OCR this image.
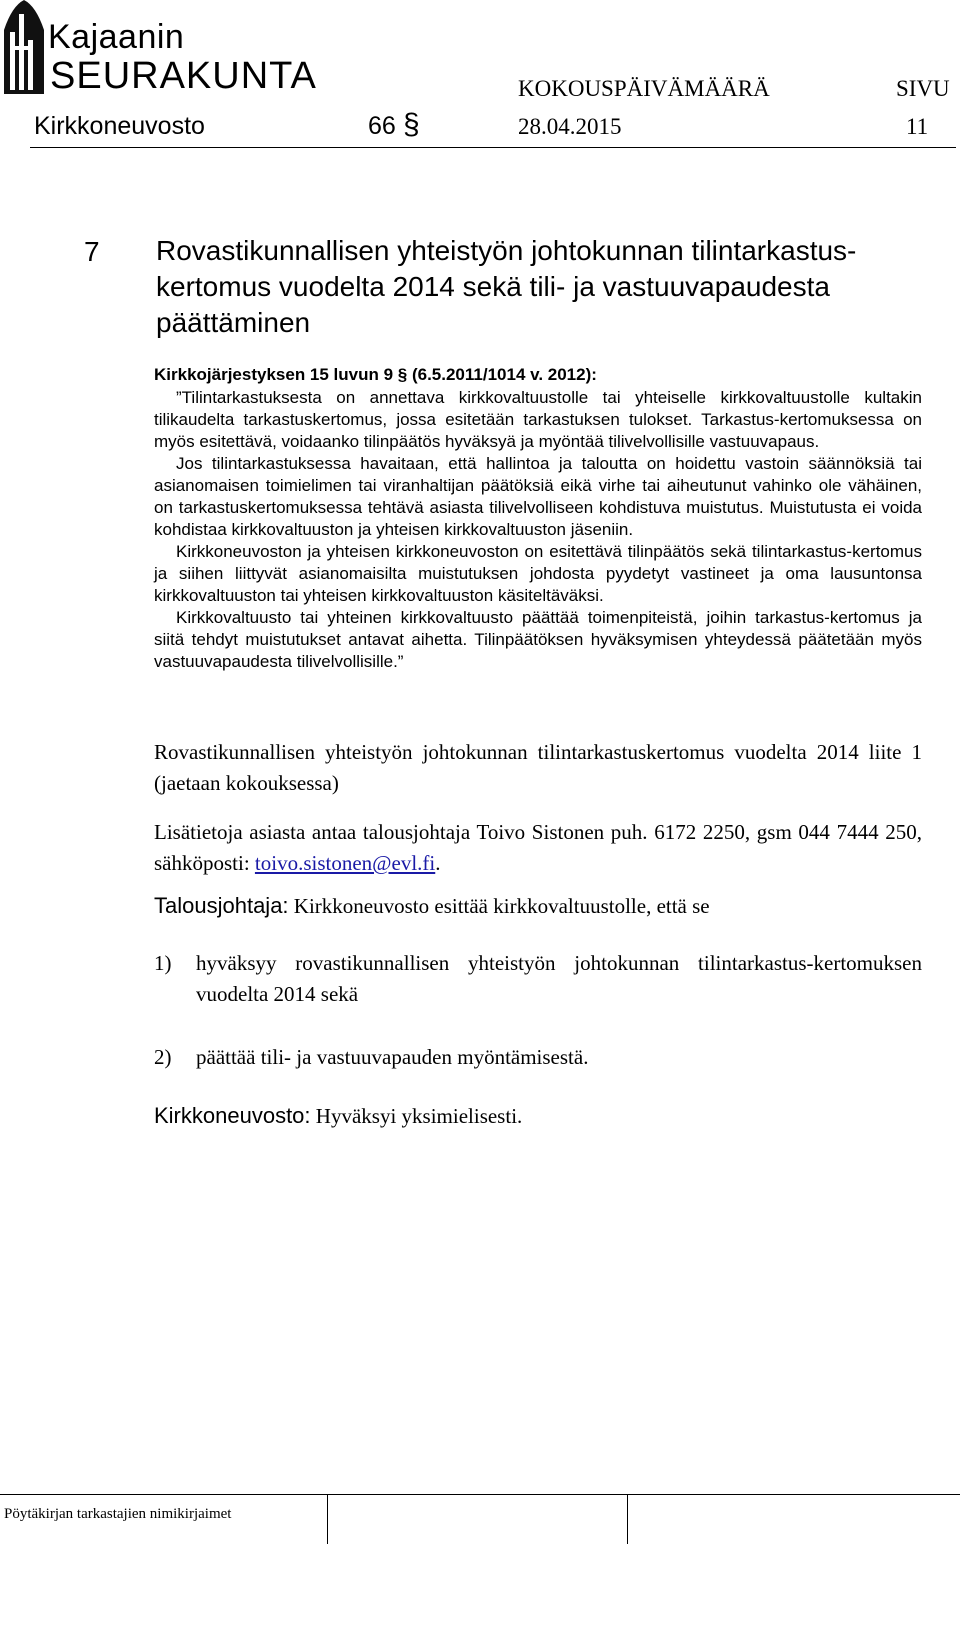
Kajaanin
SEURAKUNTA	KOKOUSPÄIVÄMÄÄRÄ	SIVU
Kirkkoneuvosto	66 §	28.04.2015	11
7 Rovastikunnallisen yhteistyön johtokunnan tilintarkastus-kertomus vuodelta 2014 sekä tili- ja vastuuvapaudesta päättäminen
Kirkkojärjestyksen 15 luvun 9 § (6.5.2011/1014 v. 2012):

”Tilintarkastuksesta on annettava kirkkovaltuustolle tai yhteiselle kirkkovaltuustolle kultakin tilikaudelta tarkastuskertomus, jossa esitetään tarkastuksen tulokset. Tarkastus-kertomuksessa on myös esitettävä, voidaanko tilinpäätös hyväksyä ja myöntää tilivelvollisille vastuuvapaus.

Jos tilintarkastuksessa havaitaan, että hallintoa ja taloutta on hoidettu vastoin säännöksiä tai asianomaisen toimielimen tai viranhaltijan päätöksiä eikä virhe tai aiheutunut vahinko ole vähäinen, on tarkastuskertomuksessa tehtävä asiasta tilivelvolliseen kohdistuva muistutus. Muistutusta ei voida kohdistaa kirkkovaltuuston ja yhteisen kirkkovaltuuston jäseniin.

Kirkkoneuvoston ja yhteisen kirkkoneuvoston on esitettävä tilinpäätös sekä tilintarkastus-kertomus ja siihen liittyvät asianomaisilta muistutuksen johdosta pyydetyt vastineet ja oma lausuntonsa kirkkovaltuuston tai yhteisen kirkkovaltuuston käsiteltäväksi.

Kirkkovaltuusto tai yhteinen kirkkovaltuusto päättää toimenpiteistä, joihin tarkastus-kertomus ja siitä tehdyt muistutukset antavat aihetta. Tilinpäätöksen hyväksymisen yhteydessä päätetään myös vastuuvapaudesta tilivelvollisille.”

Rovastikunnallisen yhteistyön johtokunnan tilintarkastuskertomus vuodelta 2014 liite 1 (jaetaan kokouksessa)
Lisätietoja asiasta antaa talousjohtaja Toivo Sistonen puh. 6172 2250, gsm 044 7444 250, sähköposti: toivo.sistonen@evl.fi.
Talousjohtaja: Kirkkoneuvosto esittää kirkkovaltuustolle, että se
1)	hyväksyy rovastikunnallisen yhteistyön johtokunnan tilintarkastus-kertomuksen vuodelta 2014 sekä
2)	päättää tili- ja vastuuvapauden myöntämisestä.
Kirkkoneuvosto: Hyväksyi yksimielisesti.
Pöytäkirjan tarkastajien nimikirjaimet
